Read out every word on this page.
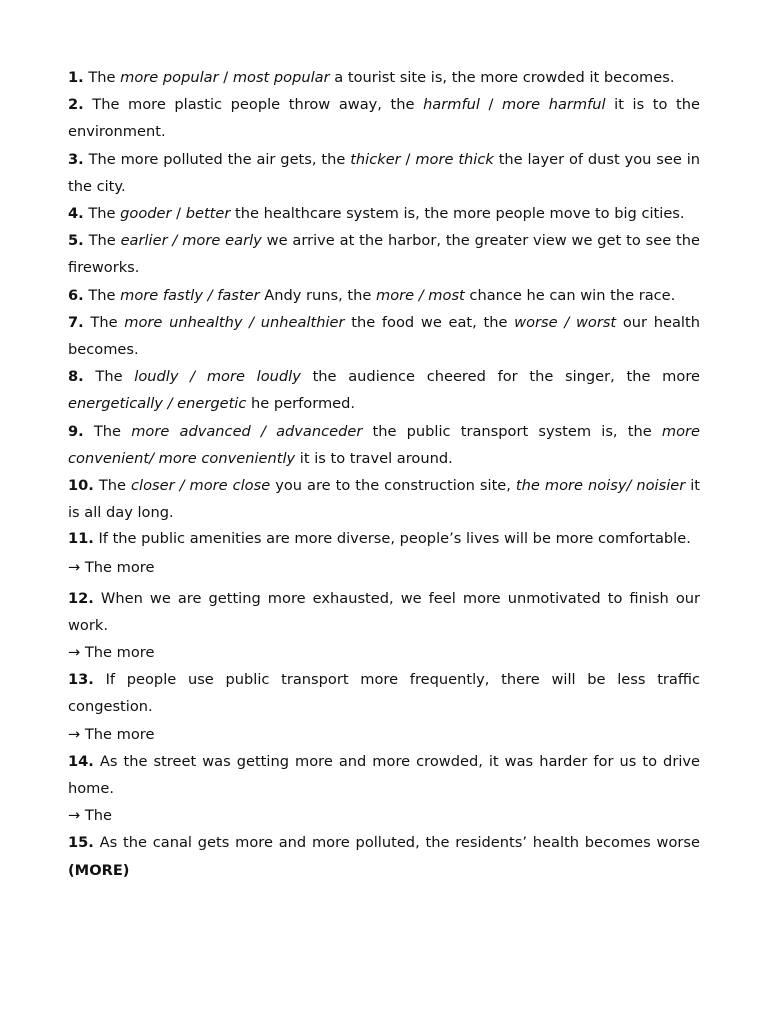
1. The more popular / most popular a tourist site is, the more crowded it becomes.

2. The more plastic people throw away, the harmful / more harmful it is to the environment.

3. The more polluted the air gets, the thicker / more thick the layer of dust you see in the city.

4. The gooder / better the healthcare system is, the more people move to big cities.

5. The earlier / more early we arrive at the harbor, the greater view we get to see the fireworks.

6. The more fastly / faster Andy runs, the more / most chance he can win the race.

7. The more unhealthy / unhealthier the food we eat, the worse / worst our health becomes.

8. The loudly / more loudly the audience cheered for the singer, the more energetically / energetic he performed.

9. The more advanced / advanceder the public transport system is, the more convenient/ more conveniently it is to travel around.

10. The closer / more close you are to the construction site, the more noisy/ noisier it is all day long.

11. If the public amenities are more diverse, people’s lives will be more comfortable.

→ The more

12. When we are getting more exhausted, we feel more unmotivated to finish our work.

→ The more

13. If people use public transport more frequently, there will be less traffic congestion.

→ The more

14. As the street was getting more and more crowded, it was harder for us to drive home.

→ The

15. As the canal gets more and more polluted, the residents’ health becomes worse (MORE)
